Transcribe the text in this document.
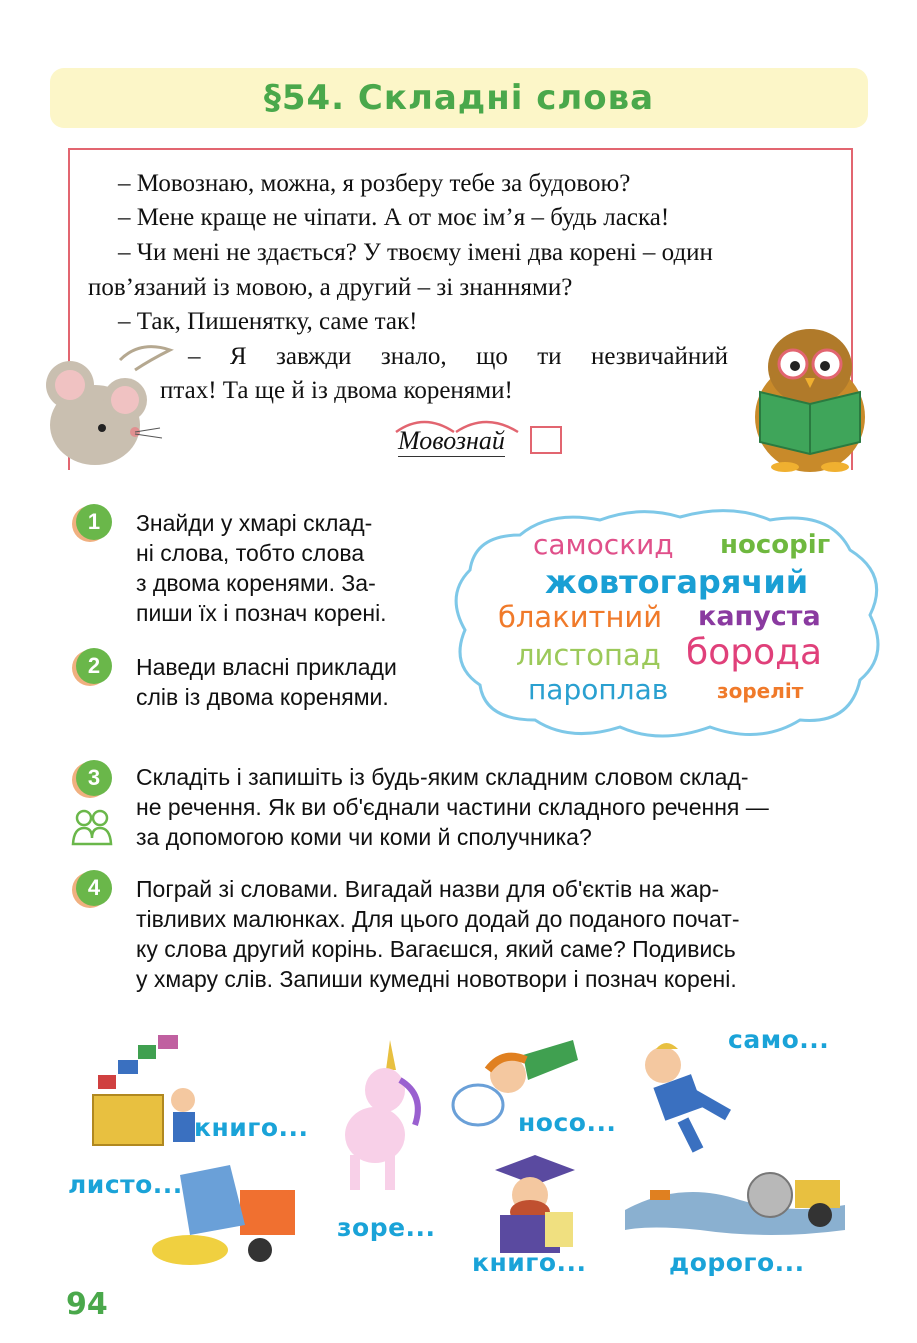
§54. Складні слова
– Мовознаю, можна, я розберу тебе за будовою?
– Мене краще не чіпати. А от моє ім’я – будь ласка!
– Чи мені не здається? У твоєму імені два корені – один
пов’язаний із мовою, а другий – зі знаннями?
– Так, Пишенятку, саме так!
– Я завжди знало, що ти незвичайний
птах! Та ще й із двома коренями!
Мовознай
1	Знайди у хмарі склад-
ні слова, тобто слова
з двома коренями. За-
пиши їх і познач корені.
2	Наведи власні приклади
слів із двома коренями.
самоскид носоріг
жовтогарячий
блакитний капуста
листопад борода
пароплав зореліт
3	Складіть і запишіть із будь-яким складним словом склад-
не речення. Як ви об'єднали частини складного речення —
за допомогою коми чи коми й сполучника?
4	Пограй зі словами. Вигадай назви для об'єктів на жар-
тівливих малюнках. Для цього додай до поданого почат-
ку слова другий корінь. Вагаєшся, який саме? Подивись
у хмару слів. Запиши кумедні новотвори і познач корені.
книго...
листо...
зоре...
носо...
книго...
само...
дорого...
94
